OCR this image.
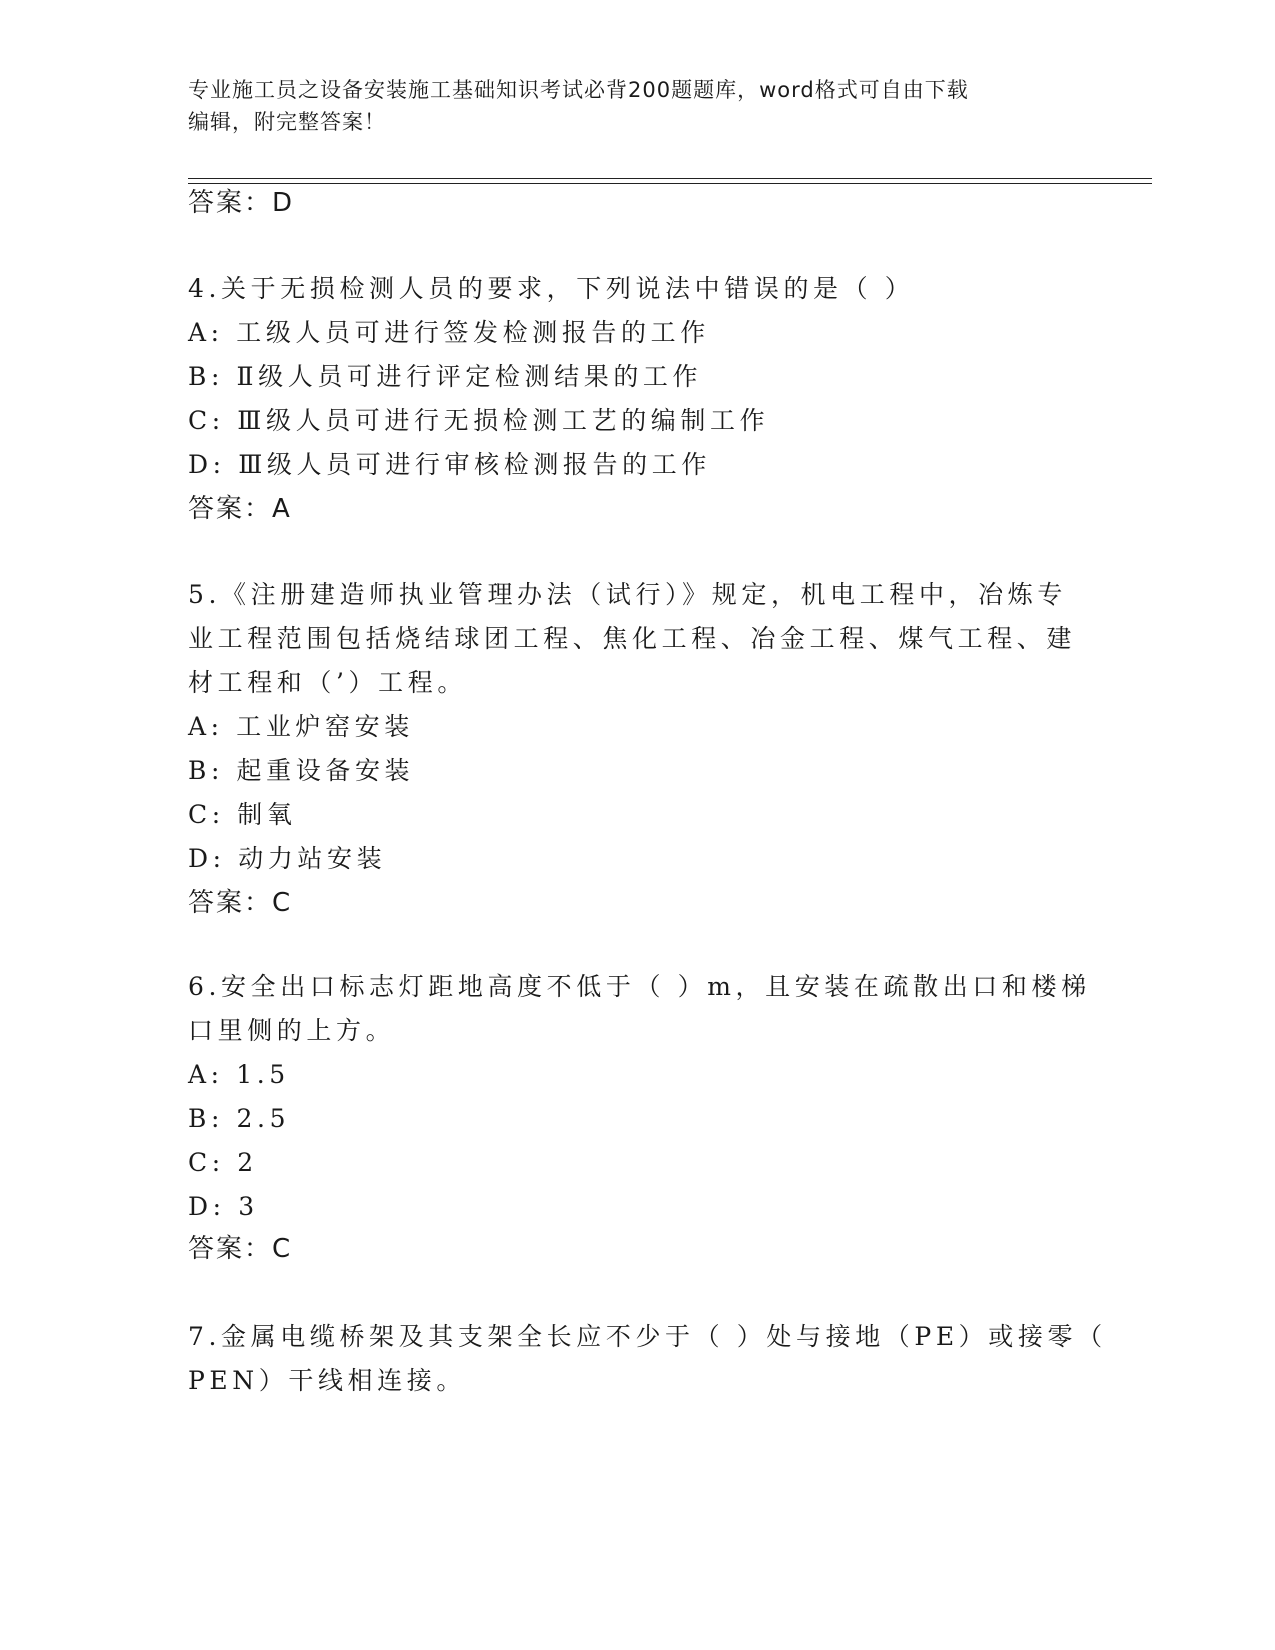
专业施工员之设备安装施工基础知识考试必背200题题库，word格式可自由下载
编辑，附完整答案！
答案：D
4.关于无损检测人员的要求，下列说法中错误的是（ ）
A: 工级人员可进行签发检测报告的工作
B: Ⅱ级人员可进行评定检测结果的工作
C: Ⅲ级人员可进行无损检测工艺的编制工作
D: Ⅲ级人员可进行审核检测报告的工作
答案：A
5.《注册建造师执业管理办法（试行）》规定，机电工程中，冶炼专
业工程范围包括烧结球团工程、焦化工程、冶金工程、煤气工程、建
材工程和（’）工程。
A: 工业炉窑安装
B: 起重设备安装
C: 制氧
D: 动力站安装
答案：C
6.安全出口标志灯距地高度不低于（ ）m，且安装在疏散出口和楼梯
口里侧的上方。
A: 1.5
B: 2.5
C: 2
D: 3
答案：C
7.金属电缆桥架及其支架全长应不少于（ ）处与接地（PE）或接零（
PEN）干线相连接。
